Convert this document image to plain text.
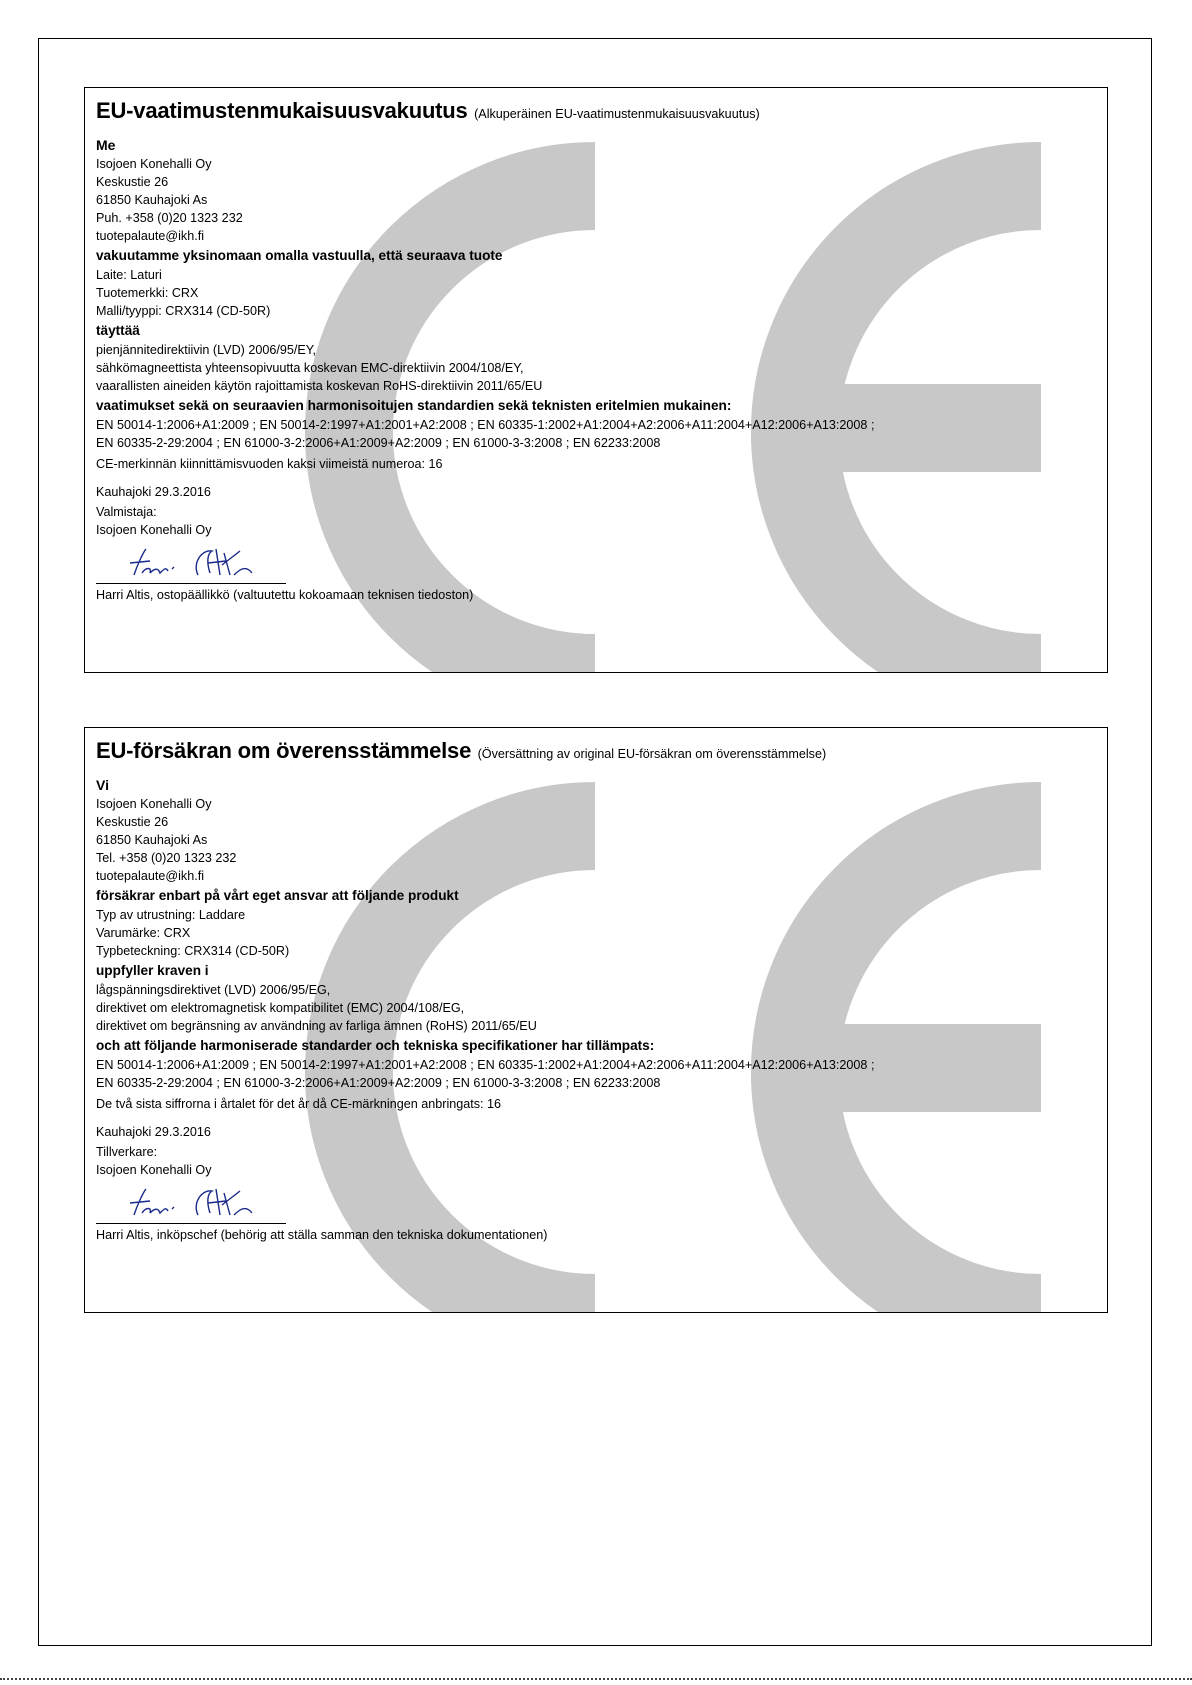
EU-vaatimustenmukaisuusvakuutus (Alkuperäinen EU-vaatimustenmukaisuusvakuutus)
Me
Isojoen Konehalli Oy
Keskustie 26
61850 Kauhajoki As
Puh. +358 (0)20 1323 232
tuotepalaute@ikh.fi
vakuutamme yksinomaan omalla vastuulla, että seuraava tuote
Laite: Laturi
Tuotemerkki: CRX
Malli/tyyppi: CRX314 (CD-50R)
täyttää
pienjännitedirektiivin (LVD) 2006/95/EY,
sähkömagneettista yhteensopivuutta koskevan EMC-direktiivin 2004/108/EY,
vaarallisten aineiden käytön rajoittamista koskevan RoHS-direktiivin 2011/65/EU
vaatimukset sekä on seuraavien harmonisoitujen standardien sekä teknisten eritelmien mukainen:
EN 50014-1:2006+A1:2009 ; EN 50014-2:1997+A1:2001+A2:2008 ; EN 60335-1:2002+A1:2004+A2:2006+A11:2004+A12:2006+A13:2008 ;
EN 60335-2-29:2004 ; EN 61000-3-2:2006+A1:2009+A2:2009 ; EN 61000-3-3:2008 ; EN 62233:2008
CE-merkinnän kiinnittämisvuoden kaksi viimeistä numeroa: 16
Kauhajoki 29.3.2016
Valmistaja:
Isojoen Konehalli Oy
Harri Altis, ostopäällikkö (valtuutettu kokoamaan teknisen tiedoston)
EU-försäkran om överensstämmelse (Översättning av original EU-försäkran om överensstämmelse)
Vi
Isojoen Konehalli Oy
Keskustie 26
61850 Kauhajoki As
Tel. +358 (0)20 1323 232
tuotepalaute@ikh.fi
försäkrar enbart på vårt eget ansvar att följande produkt
Typ av utrustning: Laddare
Varumärke: CRX
Typbeteckning: CRX314 (CD-50R)
uppfyller kraven i
lågspänningsdirektivet (LVD) 2006/95/EG,
direktivet om elektromagnetisk kompatibilitet (EMC) 2004/108/EG,
direktivet om begränsning av användning av farliga ämnen (RoHS) 2011/65/EU
och att följande harmoniserade standarder och tekniska specifikationer har tillämpats:
EN 50014-1:2006+A1:2009 ; EN 50014-2:1997+A1:2001+A2:2008 ; EN 60335-1:2002+A1:2004+A2:2006+A11:2004+A12:2006+A13:2008 ;
EN 60335-2-29:2004 ; EN 61000-3-2:2006+A1:2009+A2:2009 ; EN 61000-3-3:2008 ; EN 62233:2008
De två sista siffrorna i årtalet för det år då CE-märkningen anbringats: 16
Kauhajoki 29.3.2016
Tillverkare:
Isojoen Konehalli Oy
Harri Altis, inköpschef (behörig att ställa samman den tekniska dokumentationen)
